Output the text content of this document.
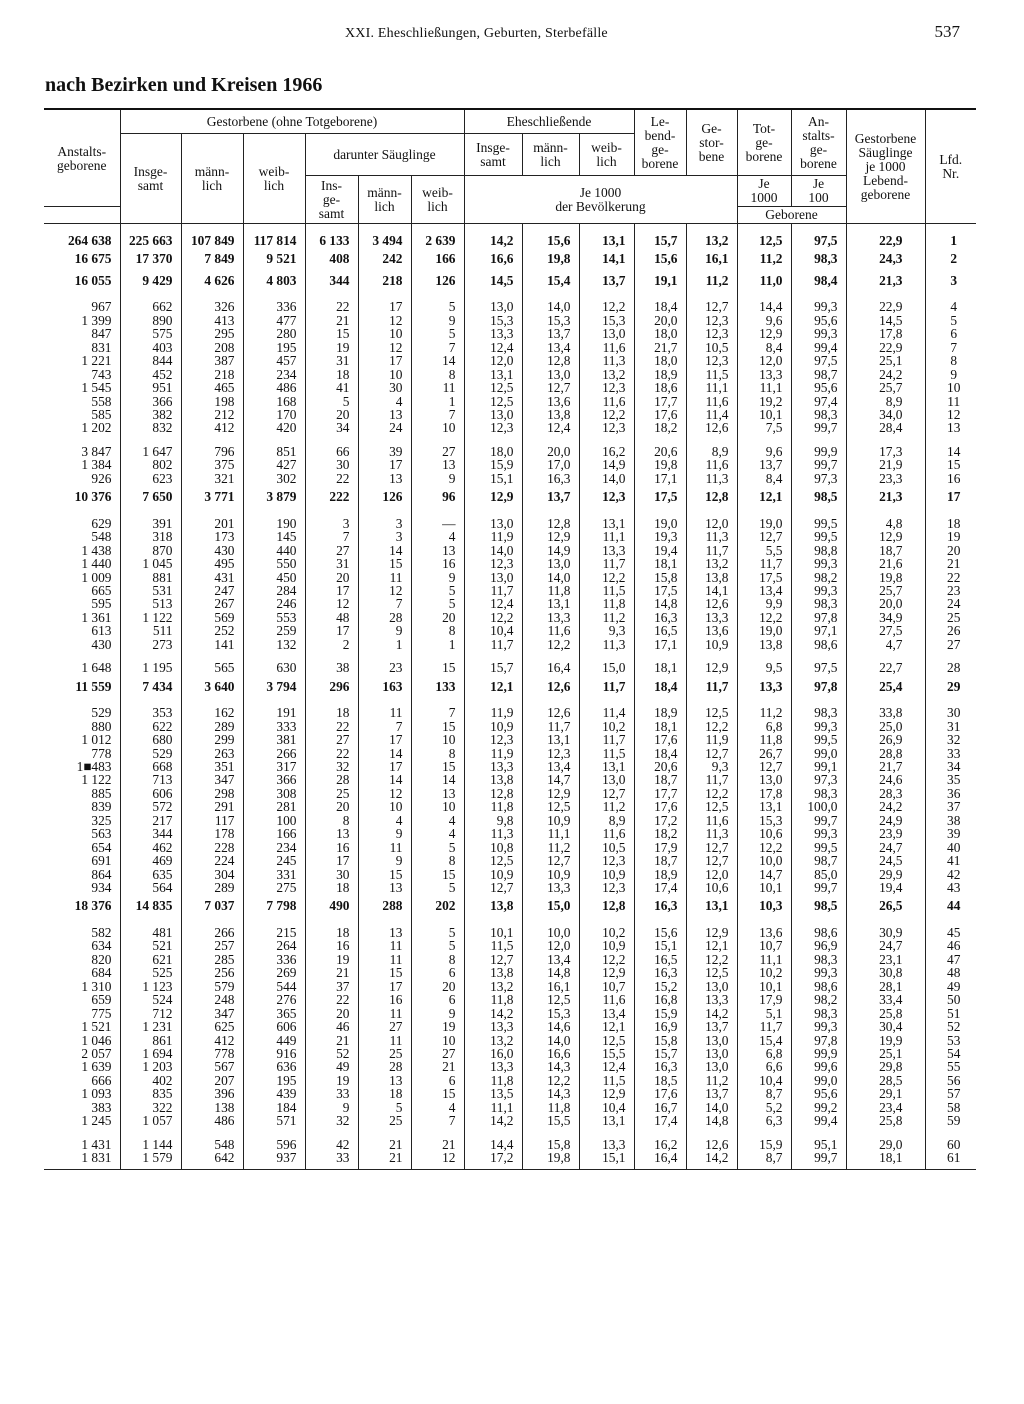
XXI. Eheschließungen, Geburten, Sterbefälle	537
nach Bezirken und Kreisen 1966
Anstalts-
geborene	Gestorbene (ohne Totgeborene)						Eheschließende			Le-
bend-
ge-
borene	Ge-
stor-
bene	Tot-
ge-
borene	An-
stalts-
ge-
borene	Gestorbene
Säuglinge
je 1000
Lebend-
geborene	Lfd.
Nr.
	Insge-
samt	männ-
lich	weib-
lich	darunter Säuglinge			Insge-
samt	männ-
lich	weib-
lich						
				Ins-
ge-
samt	männ-
lich	weib-
lich	Je 1000
der Bevölkerung					Je
1000	Je
100		
												Geborene			
264 638	225 663	107 849	117 814	6 133	3 494	2 639	14,2	15,6	13,1	15,7	13,2	12,5	97,5	22,9	1
16 675	17 370	7 849	9 521	408	242	166	16,6	19,8	14,1	15,6	16,1	11,2	98,3	24,3	2
16 055	9 429	4 626	4 803	344	218	126	14,5	15,4	13,7	19,1	11,2	11,0	98,4	21,3	3
967	662	326	336	22	17	5	13,0	14,0	12,2	18,4	12,7	14,4	99,3	22,9	4
1 399	890	413	477	21	12	9	15,3	15,3	15,3	20,0	12,3	9,6	95,6	14,5	5
847	575	295	280	15	10	5	13,3	13,7	13,0	18,0	12,3	12,9	99,3	17,8	6
831	403	208	195	19	12	7	12,4	13,4	11,6	21,7	10,5	8,4	99,4	22,9	7
1 221	844	387	457	31	17	14	12,0	12,8	11,3	18,0	12,3	12,0	97,5	25,1	8
743	452	218	234	18	10	8	13,1	13,0	13,2	18,9	11,5	13,3	98,7	24,2	9
1 545	951	465	486	41	30	11	12,5	12,7	12,3	18,6	11,1	11,1	95,6	25,7	10
558	366	198	168	5	4	1	12,5	13,6	11,6	17,7	11,6	19,2	97,4	8,9	11
585	382	212	170	20	13	7	13,0	13,8	12,2	17,6	11,4	10,1	98,3	34,0	12
1 202	832	412	420	34	24	10	12,3	12,4	12,3	18,2	12,6	7,5	99,7	28,4	13
3 847	1 647	796	851	66	39	27	18,0	20,0	16,2	20,6	8,9	9,6	99,9	17,3	14
1 384	802	375	427	30	17	13	15,9	17,0	14,9	19,8	11,6	13,7	99,7	21,9	15
926	623	321	302	22	13	9	15,1	16,3	14,0	17,1	11,3	8,4	97,3	23,3	16
10 376	7 650	3 771	3 879	222	126	96	12,9	13,7	12,3	17,5	12,8	12,1	98,5	21,3	17
629	391	201	190	3	3	—	13,0	12,8	13,1	19,0	12,0	19,0	99,5	4,8	18
548	318	173	145	7	3	4	11,9	12,9	11,1	19,3	11,3	12,7	99,5	12,9	19
1 438	870	430	440	27	14	13	14,0	14,9	13,3	19,4	11,7	5,5	98,8	18,7	20
1 440	1 045	495	550	31	15	16	12,3	13,0	11,7	18,1	13,2	11,7	99,3	21,6	21
1 009	881	431	450	20	11	9	13,0	14,0	12,2	15,8	13,8	17,5	98,2	19,8	22
665	531	247	284	17	12	5	11,7	11,8	11,5	17,5	14,1	13,4	99,3	25,7	23
595	513	267	246	12	7	5	12,4	13,1	11,8	14,8	12,6	9,9	98,3	20,0	24
1 361	1 122	569	553	48	28	20	12,2	13,3	11,2	16,3	13,3	12,2	97,8	34,9	25
613	511	252	259	17	9	8	10,4	11,6	9,3	16,5	13,6	19,0	97,1	27,5	26
430	273	141	132	2	1	1	11,7	12,2	11,3	17,1	10,9	13,8	98,6	4,7	27
1 648	1 195	565	630	38	23	15	15,7	16,4	15,0	18,1	12,9	9,5	97,5	22,7	28
11 559	7 434	3 640	3 794	296	163	133	12,1	12,6	11,7	18,4	11,7	13,3	97,8	25,4	29
529	353	162	191	18	11	7	11,9	12,6	11,4	18,9	12,5	11,2	98,3	33,8	30
880	622	289	333	22	7	15	10,9	11,7	10,2	18,1	12,2	6,8	99,3	25,0	31
1 012	680	299	381	27	17	10	12,3	13,1	11,7	17,6	11,9	11,8	99,5	26,9	32
778	529	263	266	22	14	8	11,9	12,3	11,5	18,4	12,7	26,7	99,0	28,8	33
1■483	668	351	317	32	17	15	13,3	13,4	13,1	20,6	9,3	12,7	99,1	21,7	34
1 122	713	347	366	28	14	14	13,8	14,7	13,0	18,7	11,7	13,0	97,3	24,6	35
885	606	298	308	25	12	13	12,8	12,9	12,7	17,7	12,2	17,8	98,3	28,3	36
839	572	291	281	20	10	10	11,8	12,5	11,2	17,6	12,5	13,1	100,0	24,2	37
325	217	117	100	8	4	4	9,8	10,9	8,9	17,2	11,6	15,3	99,7	24,9	38
563	344	178	166	13	9	4	11,3	11,1	11,6	18,2	11,3	10,6	99,3	23,9	39
654	462	228	234	16	11	5	10,8	11,2	10,5	17,9	12,7	12,2	99,5	24,7	40
691	469	224	245	17	9	8	12,5	12,7	12,3	18,7	12,7	10,0	98,7	24,5	41
864	635	304	331	30	15	15	10,9	10,9	10,9	18,9	12,0	14,7	85,0	29,9	42
934	564	289	275	18	13	5	12,7	13,3	12,3	17,4	10,6	10,1	99,7	19,4	43
18 376	14 835	7 037	7 798	490	288	202	13,8	15,0	12,8	16,3	13,1	10,3	98,5	26,5	44
582	481	266	215	18	13	5	10,1	10,0	10,2	15,6	12,9	13,6	98,6	30,9	45
634	521	257	264	16	11	5	11,5	12,0	10,9	15,1	12,1	10,7	96,9	24,7	46
820	621	285	336	19	11	8	12,7	13,4	12,2	16,5	12,2	11,1	98,3	23,1	47
684	525	256	269	21	15	6	13,8	14,8	12,9	16,3	12,5	10,2	99,3	30,8	48
1 310	1 123	579	544	37	17	20	13,2	16,1	10,7	15,2	13,0	10,1	98,6	28,1	49
659	524	248	276	22	16	6	11,8	12,5	11,6	16,8	13,3	17,9	98,2	33,4	50
775	712	347	365	20	11	9	14,2	15,3	13,4	15,9	14,2	5,1	98,3	25,8	51
1 521	1 231	625	606	46	27	19	13,3	14,6	12,1	16,9	13,7	11,7	99,3	30,4	52
1 046	861	412	449	21	11	10	13,2	14,0	12,5	15,8	13,0	15,4	97,8	19,9	53
2 057	1 694	778	916	52	25	27	16,0	16,6	15,5	15,7	13,0	6,8	99,9	25,1	54
1 639	1 203	567	636	49	28	21	13,3	14,3	12,4	16,3	13,0	6,6	99,6	29,8	55
666	402	207	195	19	13	6	11,8	12,2	11,5	18,5	11,2	10,4	99,0	28,5	56
1 093	835	396	439	33	18	15	13,5	14,3	12,9	17,6	13,7	8,7	95,6	29,1	57
383	322	138	184	9	5	4	11,1	11,8	10,4	16,7	14,0	5,2	99,2	23,4	58
1 245	1 057	486	571	32	25	7	14,2	15,5	13,1	17,4	14,8	6,3	99,4	25,8	59
1 431	1 144	548	596	42	21	21	14,4	15,8	13,3	16,2	12,6	15,9	95,1	29,0	60
1 831	1 579	642	937	33	21	12	17,2	19,8	15,1	16,4	14,2	8,7	99,7	18,1	61
